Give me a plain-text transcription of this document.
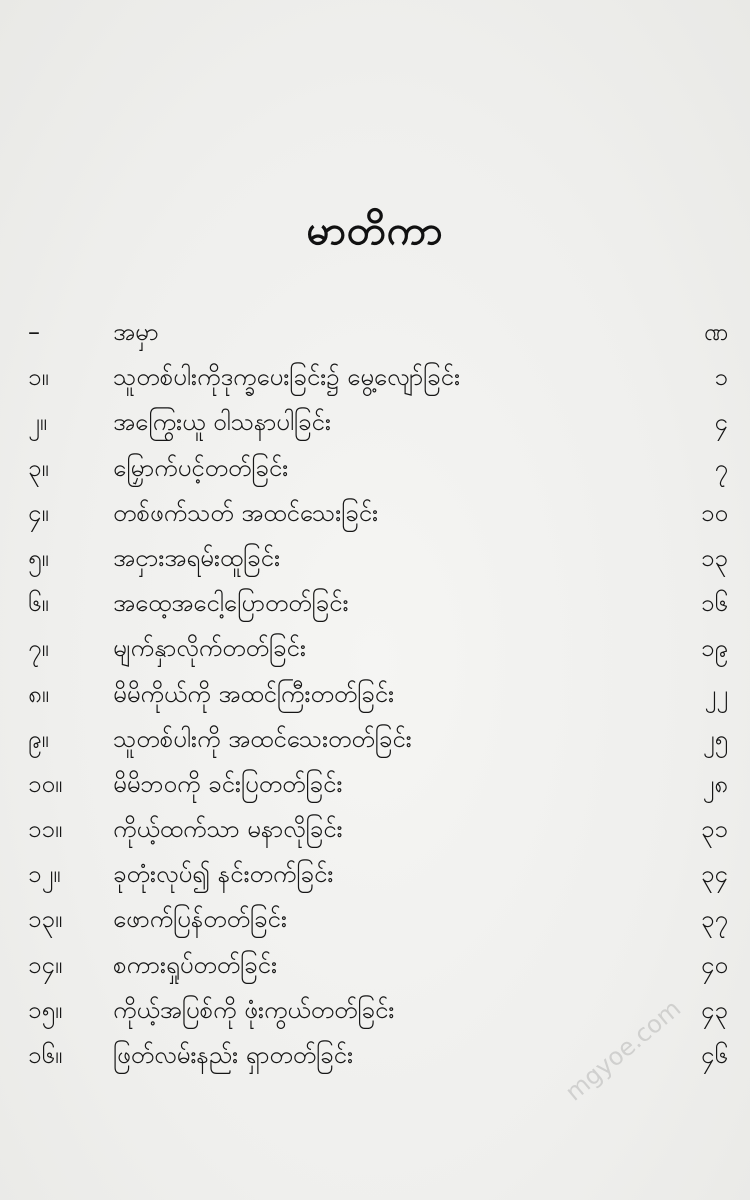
မာတိကာ
–	အမှာ	ဏ
၁။	သူတစ်ပါးကိုဒုက္ခပေးခြင်း၌ မွေ့လျော်ခြင်း	၁
၂။	အကြွေးယူ ဝါသနာပါခြင်း	၄
၃။	မြှောက်ပင့်တတ်ခြင်း	၇
၄။	တစ်ဖက်သတ် အထင်သေးခြင်း	၁၀
၅။	အငှားအရမ်းထူခြင်း	၁၃
၆။	အထေ့အငေါ့ပြောတတ်ခြင်း	၁၆
၇။	မျက်နှာလိုက်တတ်ခြင်း	၁၉
၈။	မိမိကိုယ်ကို အထင်ကြီးတတ်ခြင်း	၂၂
၉။	သူတစ်ပါးကို အထင်သေးတတ်ခြင်း	၂၅
၁၀။	မိမိဘဝကို ခင်းပြတတ်ခြင်း	၂၈
၁၁။	ကိုယ့်ထက်သာ မနာလိုခြင်း	၃၁
၁၂။	ခုတုံးလုပ်၍ နင်းတက်ခြင်း	၃၄
၁၃။	ဖောက်ပြန်တတ်ခြင်း	၃၇
၁၄။	စကားရှုပ်တတ်ခြင်း	၄၀
၁၅။	ကိုယ့်အပြစ်ကို ဖုံးကွယ်တတ်ခြင်း	၄၃
၁၆။	ဖြတ်လမ်းနည်း ရှာတတ်ခြင်း	၄၆
mgyoe.com
